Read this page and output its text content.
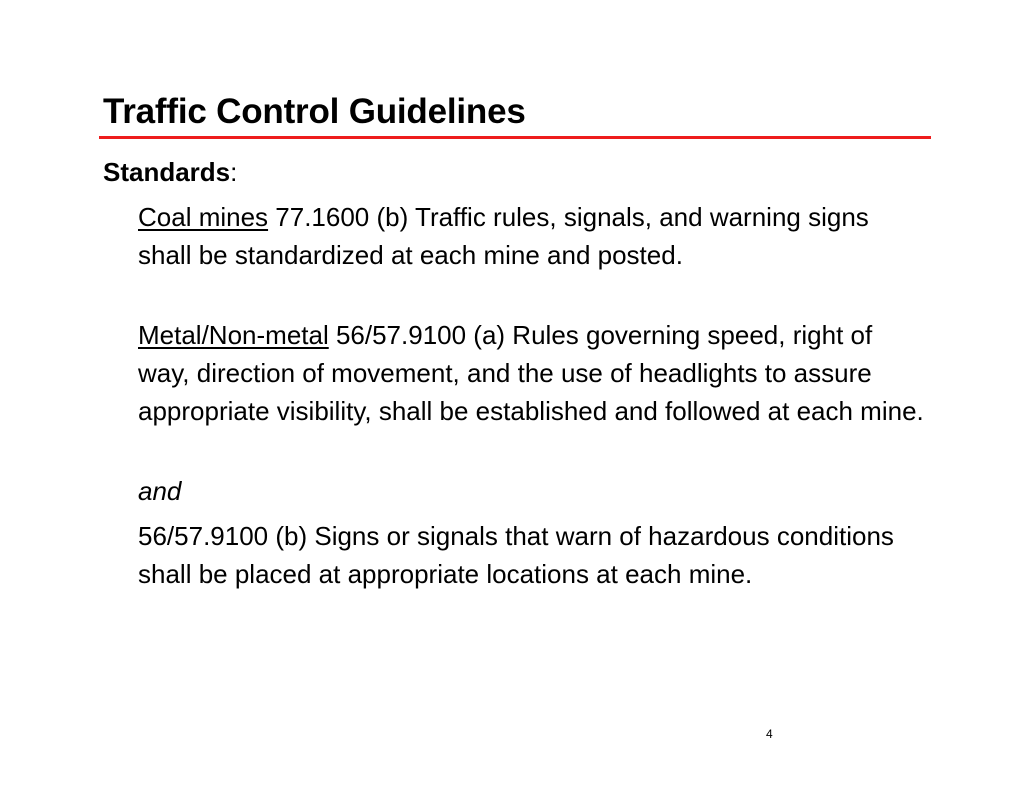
Traffic Control Guidelines

Standards:

Coal mines 77.1600 (b) Traffic rules, signals, and warning signs shall be standardized at each mine and posted.

Metal/Non-metal 56/57.9100 (a) Rules governing speed, right of way, direction of movement, and the use of headlights to assure appropriate visibility, shall be established and followed at each mine.

and

56/57.9100 (b) Signs or signals that warn of hazardous conditions shall be placed at appropriate locations at each mine.

4
